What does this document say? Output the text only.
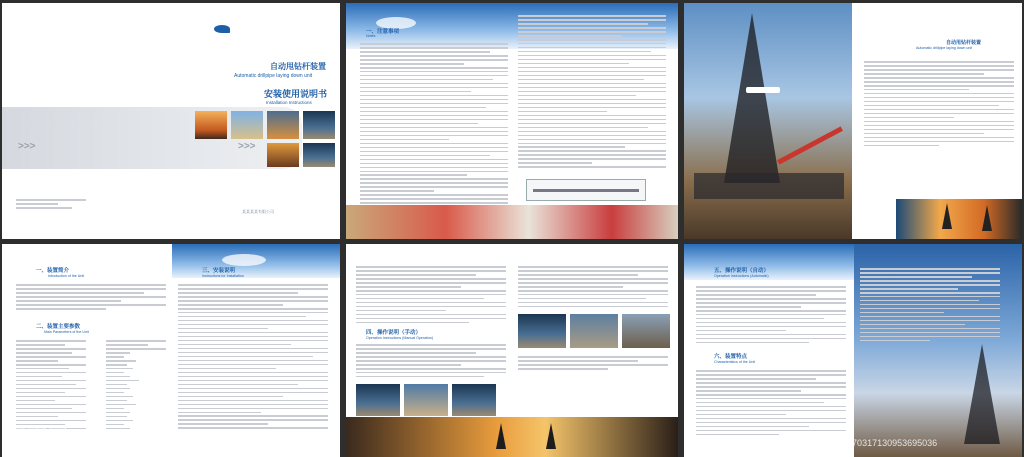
自动甩钻杆装置
Automatic drillpipe laying down unit
安装使用说明书
Installation Instructions
>>>	>>>
某某某某有限公司
一、注意事项
Notes
自动甩钻杆装置
Automatic drillpipe laying down unit
一、装置简介
Introduction of the Unit
二、装置主要参数
Main Parameters of the Unit
三、安装说明
Instructions for Installation
四、操作说明（手动）
Operation Instructions (Manual Operation)
五、操作说明（自动）
Operation Instructions (Automatic)
六、装置特点
Characteristics of the Unit
昵享网 www.nipic.com
ID:4499230 NO:20170317130953695036
